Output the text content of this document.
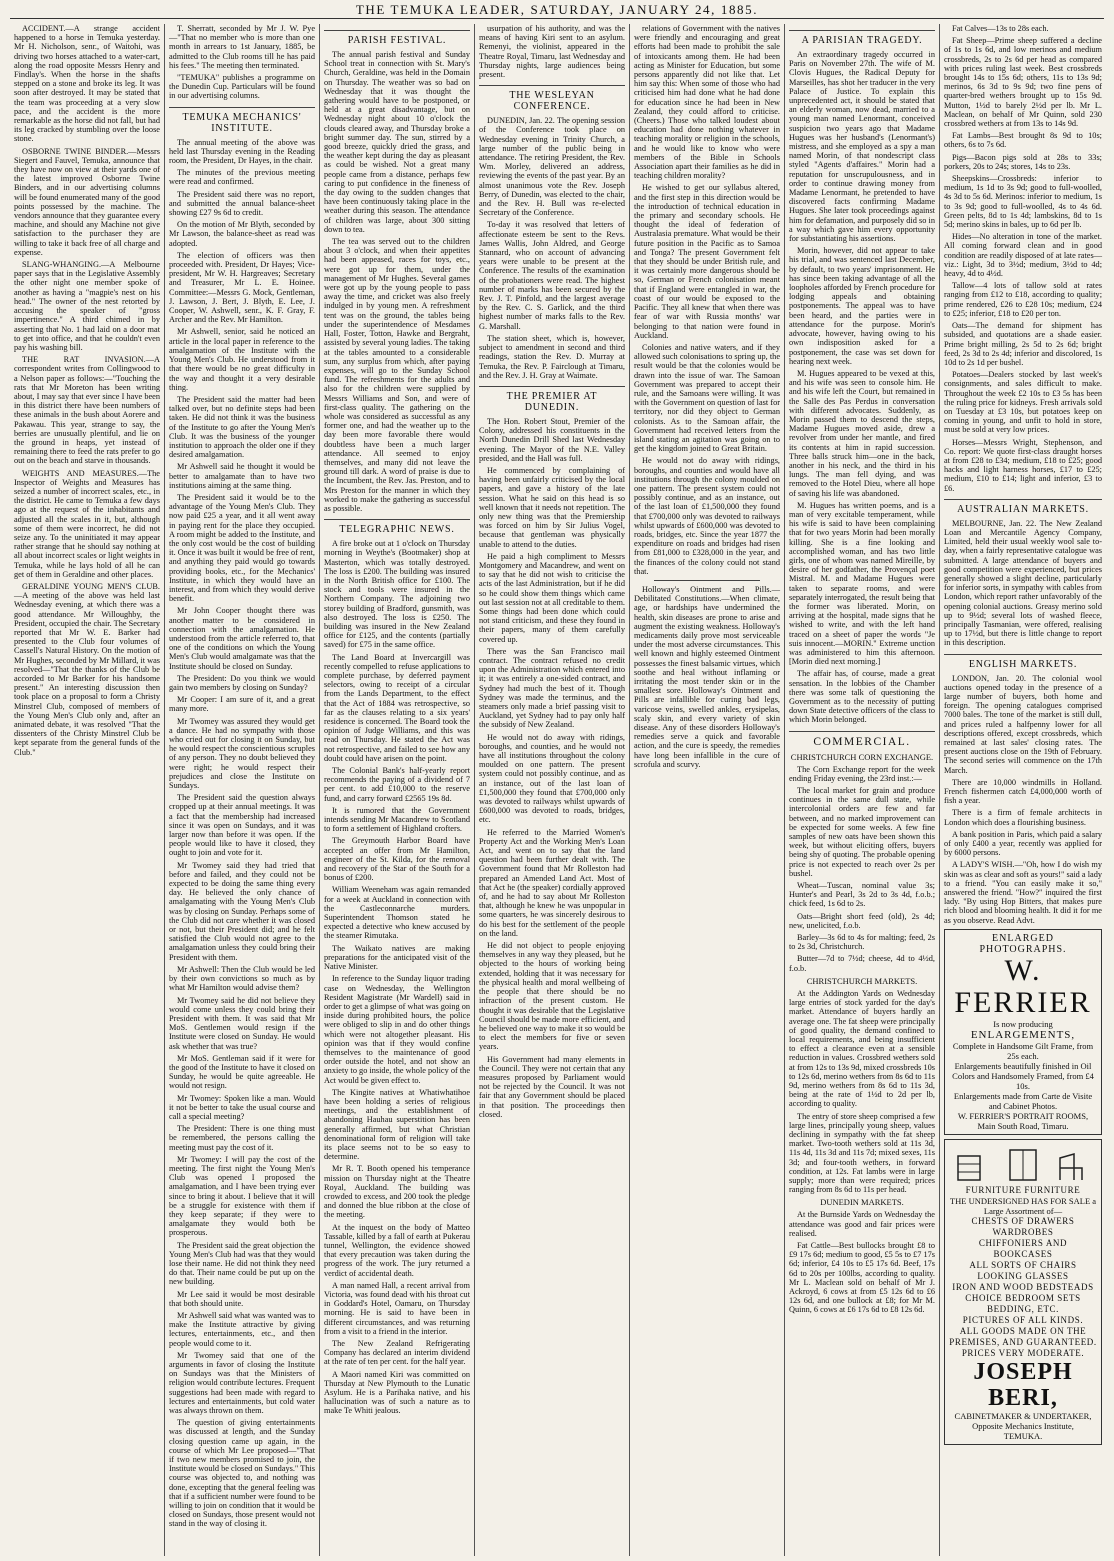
THE TEMUKA LEADER, SATURDAY, JANUARY 24, 1885.

ACCIDENT.—A strange accident happened to a horse in Temuka yesterday. Mr H. Nicholson, senr., of Waitohi, was driving two horses attached to a water-cart, along the road opposite Messrs Henry and Findlay's. When the horse in the shafts stepped on a stone and broke its leg. It was soon after destroyed. It may be stated that the team was proceeding at a very slow pace, and the accident is the more remarkable as the horse did not fall, but had its leg cracked by stumbling over the loose stone.

OSBORNE TWINE BINDER.—Messrs Siegert and Fauvel, Temuka, announce that they have now on view at their yards one of the latest improved Osborne Twine Binders, and in our advertising columns will be found enumerated many of the good points possessed by the machine. The vendors announce that they guarantee every machine, and should any Machine not give satisfaction to the purchaser they are willing to take it back free of all charge and expense.

SLANG-WHANGING.—A Melbourne paper says that in the Legislative Assembly the other night one member spoke of another as having a "magpie's nest on his head." The owner of the nest retorted by accusing the speaker of "gross impertinence." A third chimed in by asserting that No. 1 had laid on a door mat to get into office, and that he couldn't even pay his washing bill.

THE RAT INVASION.—A correspondent writes from Collingwood to a Nelson paper as follows:—"Touching the rats that Mr Moreton has been writing about, I may say that ever since I have been in this district there have been numbers of these animals in the bush about Aorere and Pakawau. This year, strange to say, the berries are unusually plentiful, and lie on the ground in heaps, yet instead of remaining there to feed the rats prefer to go out on the beach and starve in thousands.

WEIGHTS AND MEASURES.—The Inspector of Weights and Measures has seized a number of incorrect scales, etc., in the district. He came to Temuka a few days ago at the request of the inhabitants and adjusted all the scales in it, but, although some of them were incorrect, he did not seize any. To the uninitiated it may appear rather strange that he should say nothing at all about incorrect scales or light weights in Temuka, while he lays hold of all he can get of them in Geraldine and other places.

GERALDINE YOUNG MEN'S CLUB.—A meeting of the above was held last Wednesday evening, at which there was a good attendance. Mr Willoughby, the President, occupied the chair. The Secretary reported that Mr W. E. Barker had presented to the Club four volumes of Cassell's Natural History. On the motion of Mr Hughes, seconded by Mr Millard, it was resolved—"That the thanks of the Club be accorded to Mr Barker for his handsome present." An interesting discussion then took place on a proposal to form a Christy Minstrel Club, composed of members of the Young Men's Club only and, after an animated debate, it was resolved "That the dissenters of the Christy Minstrel Club be kept separate from the general funds of the Club."

T. Sherratt, seconded by Mr J. W. Pye—"That no member who is more than one month in arrears to 1st January, 1885, be admitted to the Club rooms till he has paid his fees." The meeting then terminated.

"TEMUKA" publishes a programme on the Dunedin Cup. Particulars will be found in our advertising columns.

TEMUKA MECHANICS' INSTITUTE.

The annual meeting of the above was held last Thursday evening in the Reading room, the President, Dr Hayes, in the chair.

The minutes of the previous meeting were read and confirmed.

The President said there was no report, and submitted the annual balance-sheet showing £27 9s 6d to credit.

On the motion of Mr Blyth, seconded by Mr Lawson, the balance-sheet as read was adopted.

The election of officers was then proceeded with. President, Dr Hayes; Vice-president, Mr W. H. Hargreaves; Secretary and Treasurer, Mr L. E. Hoinee. Committee:—Messrs G. Mock, Gentleman, J. Lawson, J. Bert, J. Blyth, E. Lee, J. Cooper, W. Ashwell, senr., K. F. Gray, F. Archer and the Rev. Mr Hamilton.

Mr Ashwell, senior, said he noticed an article in the local paper in reference to the amalgamation of the Institute with the Young Men's Club. He understood from it that there would be no great difficulty in the way and thought it a very desirable thing.

The President said the matter had been talked over, but no definite steps had been taken. He did not think it was the business of the Institute to go after the Young Men's Club. It was the business of the younger institution to approach the older one if they desired amalgamation.

Mr Ashwell said he thought it would be better to amalgamate than to have two institutions aiming at the same thing.

The President said it would be to the advantage of the Young Men's Club. They now paid £25 a year, and it all went away in paying rent for the place they occupied. A room might be added to the Institute, and the only cost would be the cost of building it. Once it was built it would be free of rent, and anything they paid would go towards providing books, etc., for the Mechanics' Institute, in which they would have an interest, and from which they would derive benefit.

Mr John Cooper thought there was another matter to be considered in connection with the amalgamation. He understood from the article referred to, that one of the conditions on which the Young Men's Club would amalgamate was that the Institute should be closed on Sunday.

The President: Do you think we would gain two members by closing on Sunday?

Mr Cooper: I am sure of it, and a great many more.

Mr Twomey was assured they would get a dance. He had no sympathy with those who cried out for closing it on Sunday, but he would respect the conscientious scruples of any person. They no doubt believed they were right; he would respect their prejudices and close the Institute on Sundays.

The President said the question always cropped up at their annual meetings. It was a fact that the membership had increased since it was open on Sundays, and it was larger now than before it was open. If the people would like to have it closed, they ought to join and vote for it.

Mr Twomey said they had tried that before and failed, and they could not be expected to be doing the same thing every day. He believed the only chance of amalgamating with the Young Men's Club was by closing on Sunday. Perhaps some of the Club did not care whether it was closed or not, but their President did; and he felt satisfied the Club would not agree to the amalgamation unless they could bring their President with them.

Mr Ashwell: Then the Club would be led by their own convictions so much as by what Mr Hamilton would advise them?

Mr Twomey said he did not believe they would come unless they could bring their President with them. It was said that Mr MoS. Gentlemen would resign if the Institute were closed on Sunday. He would ask whether that was true?

Mr MoS. Gentleman said if it were for the good of the Institute to have it closed on Sunday, he would be quite agreeable. He would not resign.

Mr Twomey: Spoken like a man. Would it not be better to take the usual course and call a special meeting?

The President: There is one thing must be remembered, the persons calling the meeting must pay the cost of it.

Mr Twomey: I will pay the cost of the meeting. The first night the Young Men's Club was opened I proposed the amalgamation, and I have been trying ever since to bring it about. I believe that it will be a struggle for existence with them if they keep separate; if they were to amalgamate they would both be prosperous.

The President said the great objection the Young Men's Club had was that they would lose their name. He did not think they need do that. Their name could be put up on the new building.

Mr Lee said it would be most desirable that both should unite.

Mr Ashwell said what was wanted was to make the Institute attractive by giving lectures, entertainments, etc., and then people would come to it.

Mr Twomey said that one of the arguments in favor of closing the Institute on Sundays was that the Ministers of religion would contribute lectures. Frequent suggestions had been made with regard to lectures and entertainments, but cold water was always thrown on them.

The question of giving entertainments was discussed at length, and the Sunday closing question came up again, in the course of which Mr Lee proposed—"That if two new members promised to join, the Institute would be closed on Sundays." This course was objected to, and nothing was done, excepting that the general feeling was that if a sufficient number were found to be willing to join on condition that it would be closed on Sundays, those present would not stand in the way of closing it.

PARISH FESTIVAL.

The annual parish festival and Sunday School treat in connection with St. Mary's Church, Geraldine, was held in the Domain on Thursday. The weather was so bad on Wednesday that it was thought the gathering would have to be postponed, or held at a great disadvantage, but on Wednesday night about 10 o'clock the clouds cleared away, and Thursday broke a bright summer day. The sun, stirred by a good breeze, quickly dried the grass, and the weather kept during the day as pleasant as could be wished. Not a great many people came from a distance, perhaps few caring to put confidence in the fineness of the day owing to the sudden changes that have been continuously taking place in the weather during this season. The attendance of children was large, about 300 sitting down to tea.

The tea was served out to the children about 3 o'clock, and when their appetites had been appeased, races for toys, etc., were got up for them, under the management of Mr Hughes. Several games were got up by the young people to pass away the time, and cricket was also freely indulged in by young men. A refreshment tent was on the ground, the tables being under the superintendence of Mesdames Hall, Foster, Totton, Hawke and Bergraht, assisted by several young ladies. The taking at the tables amounted to a considerable sum, any surplus from which, after paying expenses, will go to the Sunday School fund. The refreshments for the adults and also for the children were supplied by Messrs Williams and Son, and were of first-class quality. The gathering on the whole was considered as successful as any former one, and had the weather up to the day been more favorable there would doubtless have been a much larger attendance. All seemed to enjoy themselves, and many did not leave the ground till dark. A word of praise is due to the Incumbent, the Rev. Jas. Preston, and to Mrs Preston for the manner in which they worked to make the gathering as successful as possible.

TELEGRAPHIC NEWS.

A fire broke out at 1 o'clock on Thursday morning in Weythe's (Bootmaker) shop at Masterton, which was totally destroyed. The loss is £200. The building was insured in the North British office for £100. The stock and tools were insured in the Northern Company. The adjoining two storey building of Bradford, gunsmith, was also destroyed. The loss is £250. The building was insured in the New Zealand office for £125, and the contents (partially saved) for £75 in the same office.

The Land Board at Invercargill was recently compelled to refuse applications to complete purchase, by deferred payment selectors, owing to receipt of a circular from the Lands Department, to the effect that the Act of 1884 was retrospective, so far as the clauses relating to a six years' residence is concerned. The Board took the opinion of Judge Williams, and this was read on Thursday. He stated the Act was not retrospective, and failed to see how any doubt could have arisen on the point.

The Colonial Bank's half-yearly report recommends the paying of a dividend of 7 per cent. to add £10,000 to the reserve fund, and carry forward £2565 19s 8d.

It is rumored that the Government intends sending Mr Macandrew to Scotland to form a settlement of Highland crofters.

The Greymouth Harbor Board have accepted an offer from Mr Hamilton, engineer of the St. Kilda, for the removal and recovery of the Star of the South for a bonus of £200.

William Weeneham was again remanded for a week at Auckland in connection with the Castleconnarche murders. Superintendent Thomson stated he expected a detective who knew accused by the steamer Rimutaka.

The Waikato natives are making preparations for the anticipated visit of the Native Minister.

In reference to the Sunday liquor trading case on Wednesday, the Wellington Resident Magistrate (Mr Wardell) said in order to get a glimpse of what was going on inside during prohibited hours, the police were obliged to slip in and do other things which were not altogether pleasant. His opinion was that if they would confine themselves to the maintenance of good order outside the hotel, and not show an anxiety to go inside, the whole policy of the Act would be given effect to.

The Kingite natives at Whatiwhatihoe have been holding a series of religious meetings, and the establishment of abandoning Hauhau superstition has been generally affirmed, but what Christian denominational form of religion will take its place seems not to be so easy to determine.

Mr R. T. Booth opened his temperance mission on Thursday night at the Theatre Royal, Auckland. The building was crowded to excess, and 200 took the pledge and donned the blue ribbon at the close of the meeting.

At the inquest on the body of Matteo Tassable, killed by a fall of earth at Pukerau tunnel, Wellington, the evidence showed that every precaution was taken during the progress of the work. The jury returned a verdict of accidental death.

A man named Hall, a recent arrival from Victoria, was found dead with his throat cut in Goddard's Hotel, Oamaru, on Thursday morning. He is said to have been in different circumstances, and was returning from a visit to a friend in the interior.

The New Zealand Refrigerating Company has declared an interim dividend at the rate of ten per cent. for the half year.

A Maori named Kiri was committed on Thursday at New Plymouth to the Lunatic Asylum. He is a Parihaka native, and his hallucination was of such a nature as to make Te Whiti jealous.

usurpation of his authority, and was the means of having Kiri sent to an asylum. Remenyi, the violinist, appeared in the Theatre Royal, Timaru, last Wednesday and Thursday nights, large audiences being present.

THE WESLEYAN CONFERENCE.

DUNEDIN, Jan. 22. The opening session of the Conference took place on Wednesday evening in Trinity Church, a large number of the public being in attendance. The retiring President, the Rev. Wm. Morley, delivered an address, reviewing the events of the past year. By an almost unanimous vote the Rev. Joseph Berry, of Dunedin, was elected to the chair, and the Rev. H. Bull was re-elected Secretary of the Conference.

To-day it was resolved that letters of affectionate esteem be sent to the Revs. James Wallis, John Aldred, and George Stannard, who on account of advancing years were unable to be present at the Conference. The results of the examination of the probationers were read. The highest number of marks has been secured by the Rev. J. T. Pinfold, and the largest average by the Rev. C. S. Garlick, and the third highest number of marks falls to the Rev. G. Marshall.

The station sheet, which is, however, subject to amendment in second and third readings, station the Rev. D. Murray at Temuka, the Rev. P. Fairclough at Timaru, and the Rev. J. H. Gray at Waimate.

THE PREMIER AT DUNEDIN.

The Hon. Robert Stout, Premier of the Colony, addressed his constituents in the North Dunedin Drill Shed last Wednesday evening. The Mayor of the N.E. Valley presided, and the Hall was full.

He commenced by complaining of having been unfairly criticised by the local papers, and gave a history of the late session. What he said on this head is so well known that it needs not repetition. The only new thing was that the Premiership was forced on him by Sir Julius Vogel, because that gentleman was physically unable to attend to the duties.

He paid a high compliment to Messrs Montgomery and Macandrew, and went on to say that he did not wish to criticise the acts of the last Administration, but if he did so he could show them things which came out last session not at all creditable to them. Some things had been done which could not stand criticism, and these they found in their papers, many of them carefully covered up.

There was the San Francisco mail contract. The contract refused no credit upon the Administration which entered into it; it was entirely a one-sided contract, and Sydney had much the best of it. Though Sydney was made the terminus, and the steamers only made a brief passing visit to Auckland, yet Sydney had to pay only half the subsidy of New Zealand.

He would not do away with ridings, boroughs, and counties, and he would not have all institutions throughout the colony moulded on one pattern. The present system could not possibly continue, and as an instance, out of the last loan of £1,500,000 they found that £700,000 only was devoted to railways whilst upwards of £600,000 was devoted to roads, bridges, etc.

He referred to the Married Women's Property Act and the Working Men's Loan Act, and went on to say that the land question had been further dealt with. The Government found that Mr Rolleston had prepared an Amended Land Act. Most of that Act he (the speaker) cordially approved of, and he had to say about Mr Rolleston that, although he knew he was unpopular in some quarters, he was sincerely desirous to do his best for the settlement of the people on the land.

He did not object to people enjoying themselves in any way they pleased, but he objected to the hours of working being extended, holding that it was necessary for the physical health and moral wellbeing of the people that there should be no infraction of the present custom. He thought it was desirable that the Legislative Council should be made more efficient, and he believed one way to make it so would be to elect the members for five or seven years.

His Government had many elements in the Council. They were not certain that any measures proposed by Parliament would not be rejected by the Council. It was not fair that any Government should be placed in that position. The proceedings then closed.

relations of Government with the natives were friendly and encouraging and great efforts had been made to prohibit the sale of intoxicants among them. He had been acting as Minister for Education, but some persons apparently did not like that. Let him say this: When some of those who had criticised him had done what he had done for education since he had been in New Zealand, they could afford to criticise. (Cheers.) Those who talked loudest about education had done nothing whatever in teaching morality or religion in the schools, and he would like to know who were members of the Bible in Schools Association apart their families as he did in teaching children morality?

He wished to get our syllabus altered, and the first step in this direction would be the introduction of technical education in the primary and secondary schools. He thought the ideal of federation of Australasia premature. What would be their future position in the Pacific as to Samoa and Tonga? The present Government felt that they should be under British rule, and it was certainly more dangerous should be so, German or French colonisation meant that if England were entangled in war, the coast of our would be exposed to the Pacific. They all knew that when there was fear of war with Russia months' war belonging to that nation were found in Auckland.

Colonies and native waters, and if they allowed such colonisations to spring up, the result would be that the colonies would be drawn into the issue of war. The Samoan Government was prepared to accept their rule, and the Samoans were willing. It was with the Government on question of last for territory, nor did they object to German colonists. As to the Samoan affair, the Government had received letters from the island stating an agitation was going on to get the kingdom joined to Great Britain.

He would not do away with ridings, boroughs, and counties and would have all institutions through the colony moulded on one pattern. The present system could not possibly continue, and as an instance, out of the last loan of £1,500,000 they found that £700,000 only was devoted to railways whilst upwards of £600,000 was devoted to roads, bridges, etc. Since the year 1877 the expenditure on roads and bridges had risen from £81,000 to £328,000 in the year, and the finances of the colony could not stand that.

Holloway's Ointment and Pills.—Debilitated Constitutions.—When climate, age, or hardships have undermined the health, skin diseases are prone to arise and augment the existing weakness. Holloway's medicaments daily prove most serviceable under the most adverse circumstances. This well known and highly esteemed Ointment possesses the finest balsamic virtues, which soothe and heal without inflaming or irritating the most tender skin or in the smallest sore. Holloway's Ointment and Pills are infallible for curing bad legs, varicose veins, swelled ankles, erysipelas, scaly skin, and every variety of skin disease. Any of these disorders Holloway's remedies serve a quick and favorable action, and the cure is speedy, the remedies have long been infallible in the cure of scrofula and scurvy.

A PARISIAN TRAGEDY.

An extraordinary tragedy occurred in Paris on November 27th. The wife of M. Clovis Hugues, the Radical Deputy for Marseilles, has shot her traducer in the very Palace of Justice. To explain this unprecedented act, it should be stated that an elderly woman, now dead, married to a young man named Lenormant, conceived suspicion two years ago that Madame Hugues was her husband's (Lenormant's) mistress, and she employed as a spy a man named Morin, of that nondescript class styled "Agents d'affaires." Morin had a reputation for unscrupulousness, and in order to continue drawing money from Madame Lenormant, he pretended to have discovered facts confirming Madame Hugues. She later took proceedings against him for defamation, and purposely did so in a way which gave him every opportunity for substantiating his assertions.

Morin, however, did not appear to take his trial, and was sentenced last December, by default, to two years' imprisonment. He has since been taking advantage of all the loopholes afforded by French procedure for lodging appeals and obtaining postponements. The appeal was to have been heard, and the parties were in attendance for the purpose. Morin's advocate, however, having owing to his own indisposition asked for a postponement, the case was set down for hearing next week.

M. Hugues appeared to be vexed at this, and his wife was seen to console him. He and his wife left the Court, but remained in the Salle des Pas Perdus in conversation with different advocates. Suddenly, as Morin passed them to descend the steps, Madame Hugues moved aside, drew a revolver from under her mantle, and fired its contents at him in rapid succession. Three balls struck him—one in the back, another in his neck, and the third in his lungs. The man fell dying, and was removed to the Hotel Dieu, where all hope of saving his life was abandoned.

M. Hugues has written poems, and is a man of very excitable temperament, while his wife is said to have been complaining that for two years Morin had been morally killing. She is a fine looking and accomplished woman, and has two little girls, one of whom was named Mireille, by desire of her godfather, the Provençal poet Mistral. M. and Madame Hugues were taken to separate rooms, and were separately interrogated, the result being that the former was liberated. Morin, on arriving at the hospital, made signs that he wished to write, and with the left hand traced on a sheet of paper the words "Je suis innocent.—MORIN." Extreme unction was administered to him this afternoon. [Morin died next morning.]

The affair has, of course, made a great sensation. In the lobbies of the Chamber there was some talk of questioning the Government as to the necessity of putting down State detective officers of the class to which Morin belonged.

COMMERCIAL.
CHRISTCHURCH CORN EXCHANGE.

The Corn Exchange report for the week ending Friday evening, the 23rd inst.:—

The local market for grain and produce continues in the same dull state, while intercolonial orders are few and far between, and no marked improvement can be expected for some weeks. A few fine samples of new oats have been shown this week, but without eliciting offers, buyers being shy of quoting. The probable opening price is not expected to reach over 2s per bushel.

Wheat—Tuscan, nominal value 3s; Hunter's and Pearl, 3s 2d to 3s 4d, f.o.b.; chick feed, 1s 6d to 2s.

Oats—Bright short feed (old), 2s 4d; new, unelicited, f.o.b.

Barley—3s 6d to 4s for malting; feed, 2s to 2s 3d, Christchurch.

Butter—7d to 7½d; cheese, 4d to 4½d, f.o.b.

CHRISTCHURCH MARKETS.

At the Addington Yards on Wednesday large entries of stock yarded for the day's market. Attendance of buyers hardly an average one. The fat sheep were principally of good quality, the demand confined to local requirements, and being insufficient to effect a clearance even at a sensible reduction in values. Crossbred wethers sold at from 12s to 13s 9d, mixed crossbreds 10s to 12s 6d, merino wethers from 8s 6d to 11s 9d, merino wethers from 8s 6d to 11s 3d, being at the rate of 1½d to 2d per lb, according to quality.

The entry of store sheep comprised a few large lines, principally young sheep, values declining in sympathy with the fat sheep market. Two-tooth wethers sold at 11s 3d, 11s 4d, 11s 3d and 11s 7d; mixed sexes, 11s 3d; and four-tooth wethers, in forward condition, at 12s. Fat lambs were in large supply; more than were required; prices ranging from 8s 6d to 11s per head.

DUNEDIN MARKETS.

At the Burnside Yards on Wednesday the attendance was good and fair prices were realised.

Fat Cattle—Best bullocks brought £8 to £9 17s 6d; medium to good, £5 5s to £7 17s 6d; inferior, £4 10s to £5 17s 6d. Beef, 17s 6d to 20s per 100lbs, according to quality. Mr L. Maclean sold on behalf of Mr J. Ackroyd, 6 cows at from £5 12s 6d to £6 12s 6d, and one bullock at £8; for Mr M. Quinn, 6 cows at £6 17s 6d to £8 12s 6d.

Fat Calves—13s to 28s each.

Fat Sheep—Prime sheep suffered a decline of 1s to 1s 6d, and low merinos and medium crossbreds, 2s to 2s 6d per head as compared with prices ruling last week. Best crossbreds brought 14s to 15s 6d; others, 11s to 13s 9d; merinos, 6s 3d to 9s 9d; two fine pens of quarter-bred wethers brought up to 15s 9d. Mutton, 1½d to barely 2½d per lb. Mr L. Maclean, on behalf of Mr Quinn, sold 230 crossbred wethers at from 13s to 14s 9d.

Fat Lambs—Best brought 8s 9d to 10s; others, 6s to 7s 6d.

Pigs—Bacon pigs sold at 28s to 33s; porkers, 20s to 24s; stores, 14s to 23s.

Sheepskins—Crossbreds: inferior to medium, 1s 1d to 3s 9d; good to full-woolled, 4s 3d to 5s 6d. Merinos: inferior to medium, 1s to 3s 9d; good to full-woolled, 4s to 4s 6d. Green pelts, 8d to 1s 4d; lambskins, 8d to 1s 5d; merino skins in bales, up to 6d per lb.

Hides—No alteration in tone of the market. All coming forward clean and in good condition are readily disposed of at late rates—viz.: Light, 3d to 3½d; medium, 3½d to 4d; heavy, 4d to 4½d.

Tallow—4 lots of tallow sold at rates ranging from £12 to £18, according to quality; prime rendered, £26 to £28 10s; medium, £24 to £25; inferior, £18 to £20 per ton.

Oats—The demand for shipment has subsided, and quotations are a shade easier. Prime bright milling, 2s 5d to 2s 6d; bright feed, 2s 3d to 2s 4d; inferior and discolored, 1s 10d to 2s 1d per bushel.

Potatoes—Dealers stocked by last week's consignments, and sales difficult to make. Throughout the week £2 10s to £3 5s has been the ruling price for kidneys. Fresh arrivals sold on Tuesday at £3 10s, but potatoes keep on coming in young, and unfit to hold in store, must be sold at very low prices.

Horses—Messrs Wright, Stephenson, and Co. report: We quote first-class draught horses at from £28 to £34; medium, £18 to £25; good hacks and light harness horses, £17 to £25; medium, £10 to £14; light and inferior, £3 to £6.

AUSTRALIAN MARKETS.

MELBOURNE, Jan. 22. The New Zealand Loan and Mercantile Agency Company, Limited, held their usual weekly wool sale to-day, when a fairly representative catalogue was submitted. A large attendance of buyers and good competition were experienced, but prices generally showed a slight decline, particularly for inferior sorts, in sympathy with cables from London, which report rather unfavorably of the opening colonial auctions. Greasy merino sold up to 9½d; several lots of washed fleece, principally Tasmanian, were offered, realising up to 17½d, but there is little change to report in this description.

ENGLISH MARKETS.

LONDON, Jan. 20. The colonial wool auctions opened today in the presence of a large number of buyers, both home and foreign. The opening catalogues comprised 7000 bales. The tone of the market is still dull, and prices ruled a halfpenny lower for all descriptions offered, except crossbreds, which remained at last sales' closing rates. The present auctions close on the 19th of February. The second series will commence on the 17th March.

There are 10,000 windmills in Holland. French fishermen catch £4,000,000 worth of fish a year.

There is a firm of female architects in London which does a flourishing business.

A bank position in Paris, which paid a salary of only £400 a year, recently was applied for by 6000 persons.

A LADY'S WISH.—"Oh, how I do wish my skin was as clear and soft as yours!" said a lady to a friend. "You can easily make it so," answered the friend. "How?" inquired the first lady. "By using Hop Bitters, that makes pure rich blood and blooming health. It did it for me as you observe. Read Advt.

ENLARGED PHOTOGRAPHS.
W. FERRIER
Is now producing
ENLARGEMENTS,
Complete in Handsome Gilt Frame, from 25s each.
Enlargements beautifully finished in Oil Colors and Handsomely Framed, from £4 10s.
Enlargements made from Carte de Visite and Cabinet Photos.
W. FERRIER'S PORTRAIT ROOMS,
Main South Road, Timaru.
FURNITURE FURNITURE
THE UNDERSIGNED HAS FOR SALE a Large Assortment of—
CHESTS OF DRAWERS
WARDROBES
CHIFFONIERS AND BOOKCASES
ALL SORTS OF CHAIRS
LOOKING GLASSES
IRON AND WOOD BEDSTEADS
CHOICE BEDROOM SETS
BEDDING, ETC.
PICTURES OF ALL KINDS.
ALL GOODS MADE ON THE PREMISES, AND GUARANTEED.
PRICES VERY MODERATE.
JOSEPH BERI,
CABINETMAKER & UNDERTAKER,
Opposite Mechanics Institute,
TEMUKA.
